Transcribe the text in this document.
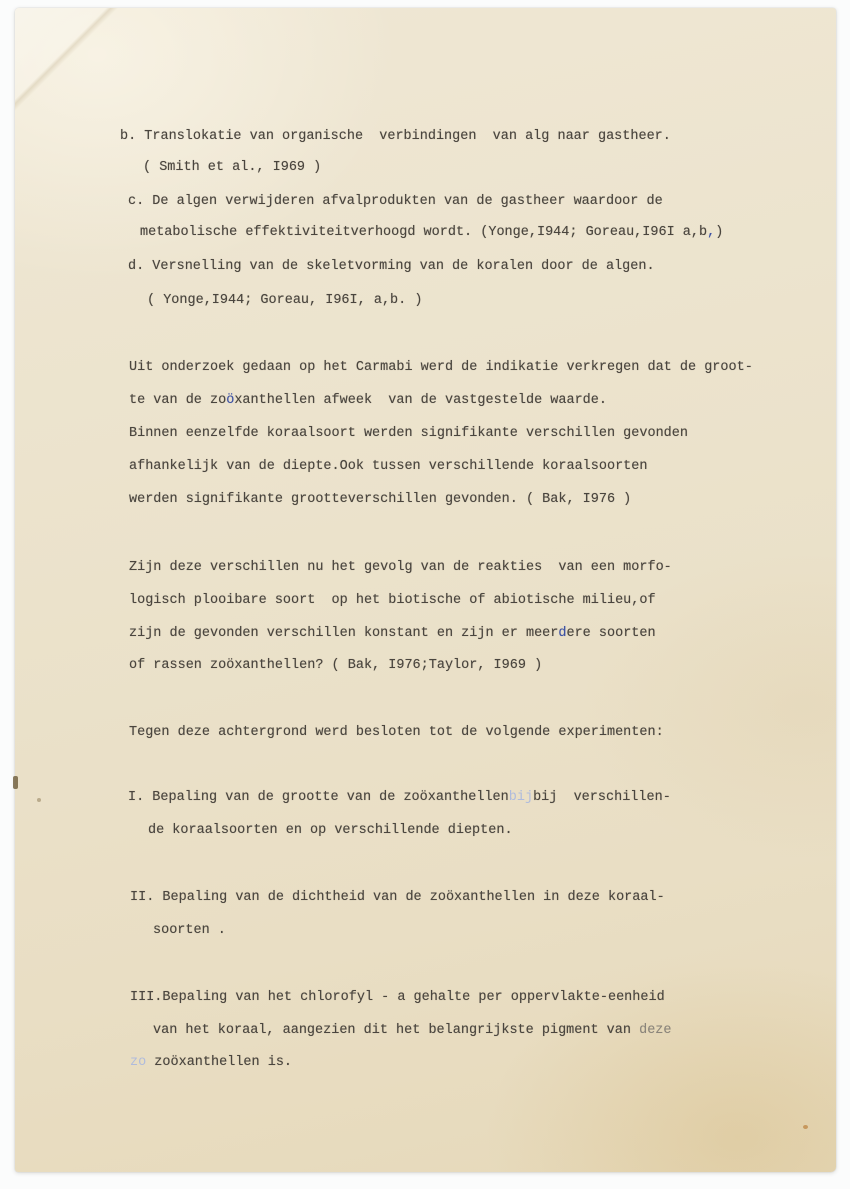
b. Translokatie van organische  verbindingen  van alg naar gastheer.
( Smith et al., I969 )
c. De algen verwijderen afvalprodukten van de gastheer waardoor de
metabolische effektiviteitverhoogd wordt. (Yonge,I944; Goreau,I96I a,b,)
d. Versnelling van de skeletvorming van de koralen door de algen.
( Yonge,I944; Goreau, I96I, a,b. )
Uit onderzoek gedaan op het Carmabi werd de indikatie verkregen dat de groot-
te van de zoöxanthellen afweek  van de vastgestelde waarde.
Binnen eenzelfde koraalsoort werden signifikante verschillen gevonden
afhankelijk van de diepte.Ook tussen verschillende koraalsoorten
werden signifikante grootteverschillen gevonden. ( Bak, I976 )
Zijn deze verschillen nu het gevolg van de reakties  van een morfo-
logisch plooibare soort  op het biotische of abiotische milieu,of
zijn de gevonden verschillen konstant en zijn er meerdere soorten
of rassen zoöxanthellen? ( Bak, I976;Taylor, I969 )
Tegen deze achtergrond werd besloten tot de volgende experimenten:
I. Bepaling van de grootte van de zoöxanthellenbijbij  verschillen-
de koraalsoorten en op verschillende diepten.
II. Bepaling van de dichtheid van de zoöxanthellen in deze koraal-
soorten .
III.Bepaling van het chlorofyl - a gehalte per oppervlakte-eenheid
van het koraal, aangezien dit het belangrijkste pigment van deze
zo zoöxanthellen is.
